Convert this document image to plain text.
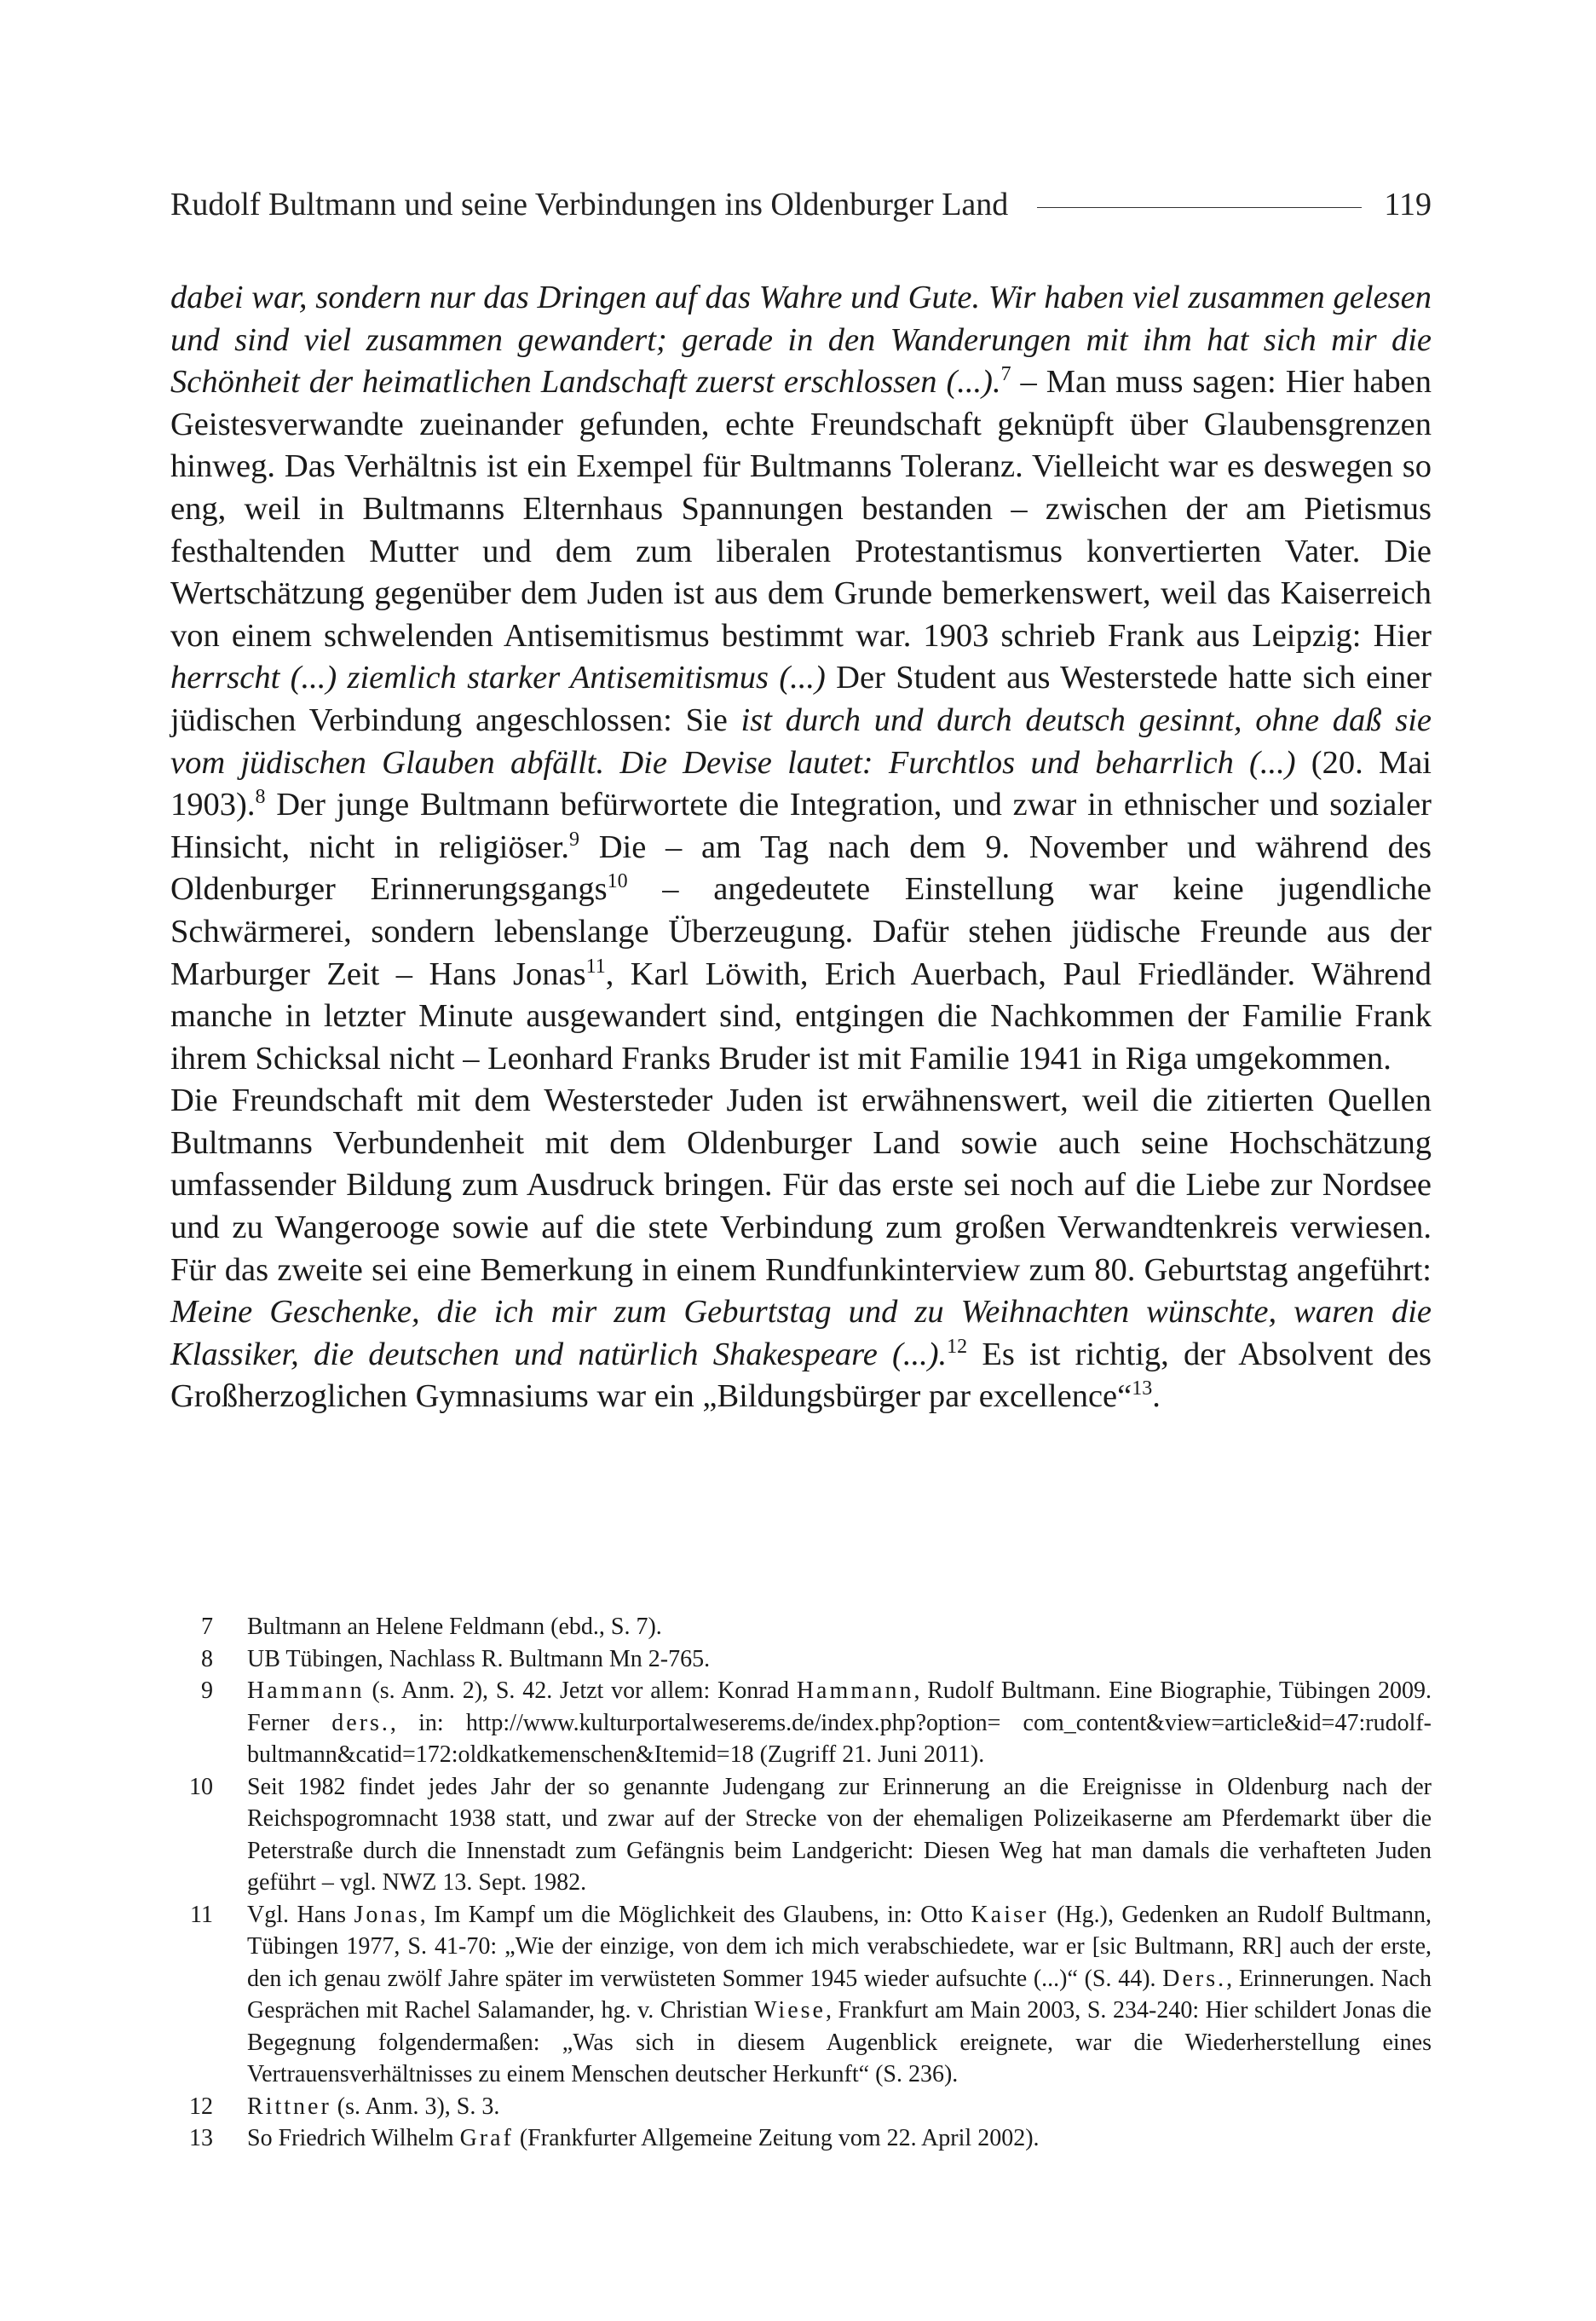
Rudolf Bultmann und seine Verbindungen ins Oldenburger Land	119

dabei war, sondern nur das Dringen auf das Wahre und Gute. Wir haben viel zusammen gelesen und sind viel zusammen gewandert; gerade in den Wanderungen mit ihm hat sich mir die Schönheit der heimatlichen Landschaft zuerst erschlossen (...).$^7$ – Man muss sagen: Hier haben Geistesverwandte zueinander gefunden, echte Freundschaft geknüpft über Glaubensgrenzen hinweg. Das Verhältnis ist ein Exempel für Bultmanns Toleranz. Vielleicht war es deswegen so eng, weil in Bultmanns Elternhaus Spannungen bestanden – zwischen der am Pietismus festhaltenden Mutter und dem zum liberalen Protestantismus konvertierten Vater. Die Wertschätzung gegenüber dem Juden ist aus dem Grunde bemerkenswert, weil das Kaiserreich von einem schwelenden Antisemitismus bestimmt war. 1903 schrieb Frank aus Leipzig: Hier herrscht (...) ziemlich starker Antisemitismus (...) Der Student aus Westerstede hatte sich einer jüdischen Verbindung angeschlossen: Sie ist durch und durch deutsch gesinnt, ohne daß sie vom jüdischen Glauben abfällt. Die Devise lautet: Furchtlos und beharrlich (...) (20. Mai 1903).$^8$ Der junge Bultmann befürwortete die Integration, und zwar in ethnischer und sozialer Hinsicht, nicht in religiöser.$^9$ Die – am Tag nach dem 9. November und während des Oldenburger Erinnerungsgangs$^{10}$ – angedeutete Einstellung war keine jugendliche Schwärmerei, sondern lebenslange Überzeugung. Dafür stehen jüdische Freunde aus der Marburger Zeit – Hans Jonas$^{11}$, Karl Löwith, Erich Auerbach, Paul Friedländer. Während manche in letzter Minute ausgewandert sind, entgingen die Nachkommen der Familie Frank ihrem Schicksal nicht – Leonhard Franks Bruder ist mit Familie 1941 in Riga umgekommen.

Die Freundschaft mit dem Westersteder Juden ist erwähnenswert, weil die zitierten Quellen Bultmanns Verbundenheit mit dem Oldenburger Land sowie auch seine Hochschätzung umfassender Bildung zum Ausdruck bringen. Für das erste sei noch auf die Liebe zur Nordsee und zu Wangerooge sowie auf die stete Verbindung zum großen Verwandtenkreis verwiesen. Für das zweite sei eine Bemerkung in einem Rundfunkinterview zum 80. Geburtstag angeführt: Meine Geschenke, die ich mir zum Geburtstag und zu Weihnachten wünschte, waren die Klassiker, die deutschen und natürlich Shakespeare (...).$^{12}$ Es ist richtig, der Absolvent des Großherzoglichen Gymnasiums war ein „Bildungsbürger par excellence“$^{13}$.

7 Bultmann an Helene Feldmann (ebd., S. 7).
8 UB Tübingen, Nachlass R. Bultmann Mn 2-765.
9 Hammann (s. Anm. 2), S. 42. Jetzt vor allem: Konrad Hammann, Rudolf Bultmann. Eine Biographie, Tübingen 2009. Ferner ders., in: http://www.kulturportalweserems.de/index.php?option= com_content&view=article&id=47:rudolf-bultmann&catid=172:oldkatkemenschen&Itemid=18 (Zugriff 21. Juni 2011).
10 Seit 1982 findet jedes Jahr der so genannte Judengang zur Erinnerung an die Ereignisse in Oldenburg nach der Reichspogromnacht 1938 statt, und zwar auf der Strecke von der ehemaligen Polizeikaserne am Pferdemarkt über die Peterstraße durch die Innenstadt zum Gefängnis beim Landgericht: Diesen Weg hat man damals die verhafteten Juden geführt – vgl. NWZ 13. Sept. 1982.
11 Vgl. Hans Jonas, Im Kampf um die Möglichkeit des Glaubens, in: Otto Kaiser (Hg.), Gedenken an Rudolf Bultmann, Tübingen 1977, S. 41-70: „Wie der einzige, von dem ich mich verabschiedete, war er [sic Bultmann, RR] auch der erste, den ich genau zwölf Jahre später im verwüsteten Sommer 1945 wieder aufsuchte (...)“ (S. 44). Ders., Erinnerungen. Nach Gesprächen mit Rachel Salamander, hg. v. Christian Wiese, Frankfurt am Main 2003, S. 234-240: Hier schildert Jonas die Begegnung folgendermaßen: „Was sich in diesem Augenblick ereignete, war die Wiederherstellung eines Vertrauensverhältnisses zu einem Menschen deutscher Herkunft“ (S. 236).
12 Rittner (s. Anm. 3), S. 3.
13 So Friedrich Wilhelm Graf (Frankfurter Allgemeine Zeitung vom 22. April 2002).
